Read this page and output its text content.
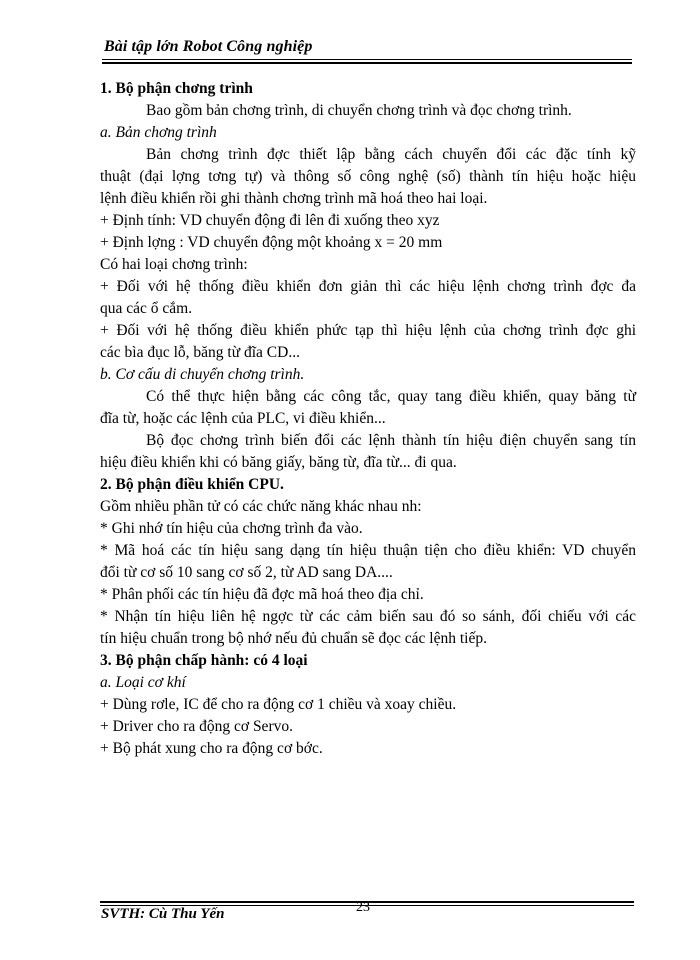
Bài tập lớn Robot Công nghiệp
1. Bộ phận chơng trình
Bao gồm bản chơng trình, di chuyển chơng trình và đọc chơng trình.
a. Bản chơng trình
Bản chơng trình đợc thiết lập bằng cách chuyển đổi các đặc tính kỹ
thuật (đại lợng tơng tự) và thông số công nghệ (số) thành tín hiệu hoặc hiệu
lệnh điều khiển rồi ghi thành chơng trình mã hoá theo hai loại.
+ Định tính: VD chuyển động đi lên đi xuống theo xyz
+ Định lợng : VD chuyển động một khoảng x = 20 mm
Có hai loại chơng trình:
+ Đối với hệ thống điều khiển đơn giản thì các hiệu lệnh chơng trình đợc đa
qua các ổ cắm.
+ Đối với hệ thống điều khiển phức tạp thì hiệu lệnh của chơng trình đợc ghi
các bìa đục lỗ, băng từ đĩa CD...
b. Cơ cấu di chuyển chơng trình.
Có thể thực hiện bằng các công tắc, quay tang điều khiển, quay băng từ
đĩa từ, hoặc các lệnh của PLC, vi điều khiển...
Bộ đọc chơng trình biến đổi các lệnh thành tín hiệu điện chuyển sang tín
hiệu điều khiển khi có băng giấy, băng từ, đĩa từ... đi qua.
2. Bộ phận điều khiển CPU.
Gồm nhiều phần tử có các chức năng khác nhau nh:
* Ghi nhớ tín hiệu của chơng trình đa vào.
* Mã hoá các tín hiệu sang dạng tín hiệu thuận tiện cho điều khiển: VD chuyển
đổi từ cơ số 10 sang cơ số 2, từ AD sang DA....
* Phân phối các tín hiệu đã đợc mã hoá theo địa chỉ.
* Nhận tín hiệu liên hệ ngợc từ các cảm biến sau đó so sánh, đối chiếu với các
tín hiệu chuẩn trong bộ nhớ nếu đủ chuẩn sẽ đọc các lệnh tiếp.
3. Bộ phận chấp hành: có 4 loại
a. Loại cơ khí
+ Dùng rơle, IC để cho ra động cơ 1 chiều và xoay chiều.
+ Driver cho ra động cơ Servo.
+ Bộ phát xung cho ra động cơ bớc.
SVTH: Cù Thu Yến	23
